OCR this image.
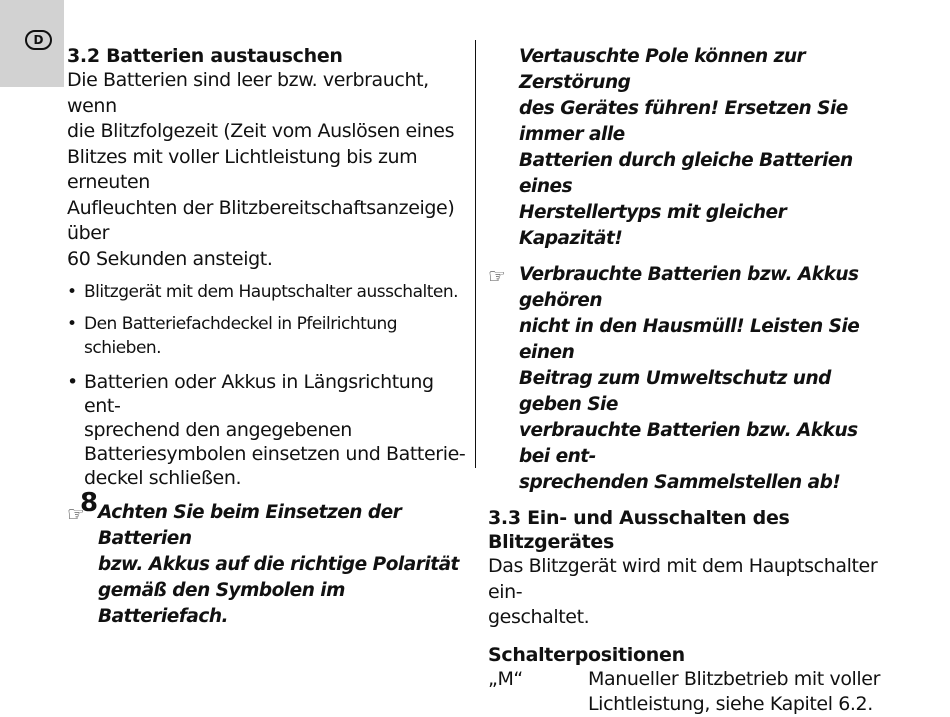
D
3.2 Batterien austauschen

Die Batterien sind leer bzw. verbraucht, wenn
die Blitzfolgezeit (Zeit vom Auslösen eines
Blitzes mit voller Lichtleistung bis zum erneuten
Aufleuchten der Blitzbereitschaftsanzeige) über
60 Sekunden ansteigt.

• Blitzgerät mit dem Hauptschalter ausschalten.
• Den Batteriefachdeckel in Pfeilrichtung schieben.
• Batterien oder Akkus in Längsrichtung ent-
sprechend den angegebenen
Batteriesymbolen einsetzen und Batterie-
deckel schließen.
☞ Achten Sie beim Einsetzen der Batterien
bzw. Akkus auf die richtige Polarität
gemäß den Symbolen im Batteriefach.
Vertauschte Pole können zur Zerstörung
des Gerätes führen! Ersetzen Sie immer alle
Batterien durch gleiche Batterien eines
Herstellertyps mit gleicher Kapazität!
☞ Verbrauchte Batterien bzw. Akkus gehören
nicht in den Hausmüll! Leisten Sie einen
Beitrag zum Umweltschutz und geben Sie
verbrauchte Batterien bzw. Akkus bei ent-
sprechenden Sammelstellen ab!
3.3 Ein- und Ausschalten des Blitzgerätes

Das Blitzgerät wird mit dem Hauptschalter ein-
geschaltet.

Schalterpositionen
„M“	Manueller Blitzbetrieb mit voller
Lichtleistung, siehe Kapitel 6.2.
8
